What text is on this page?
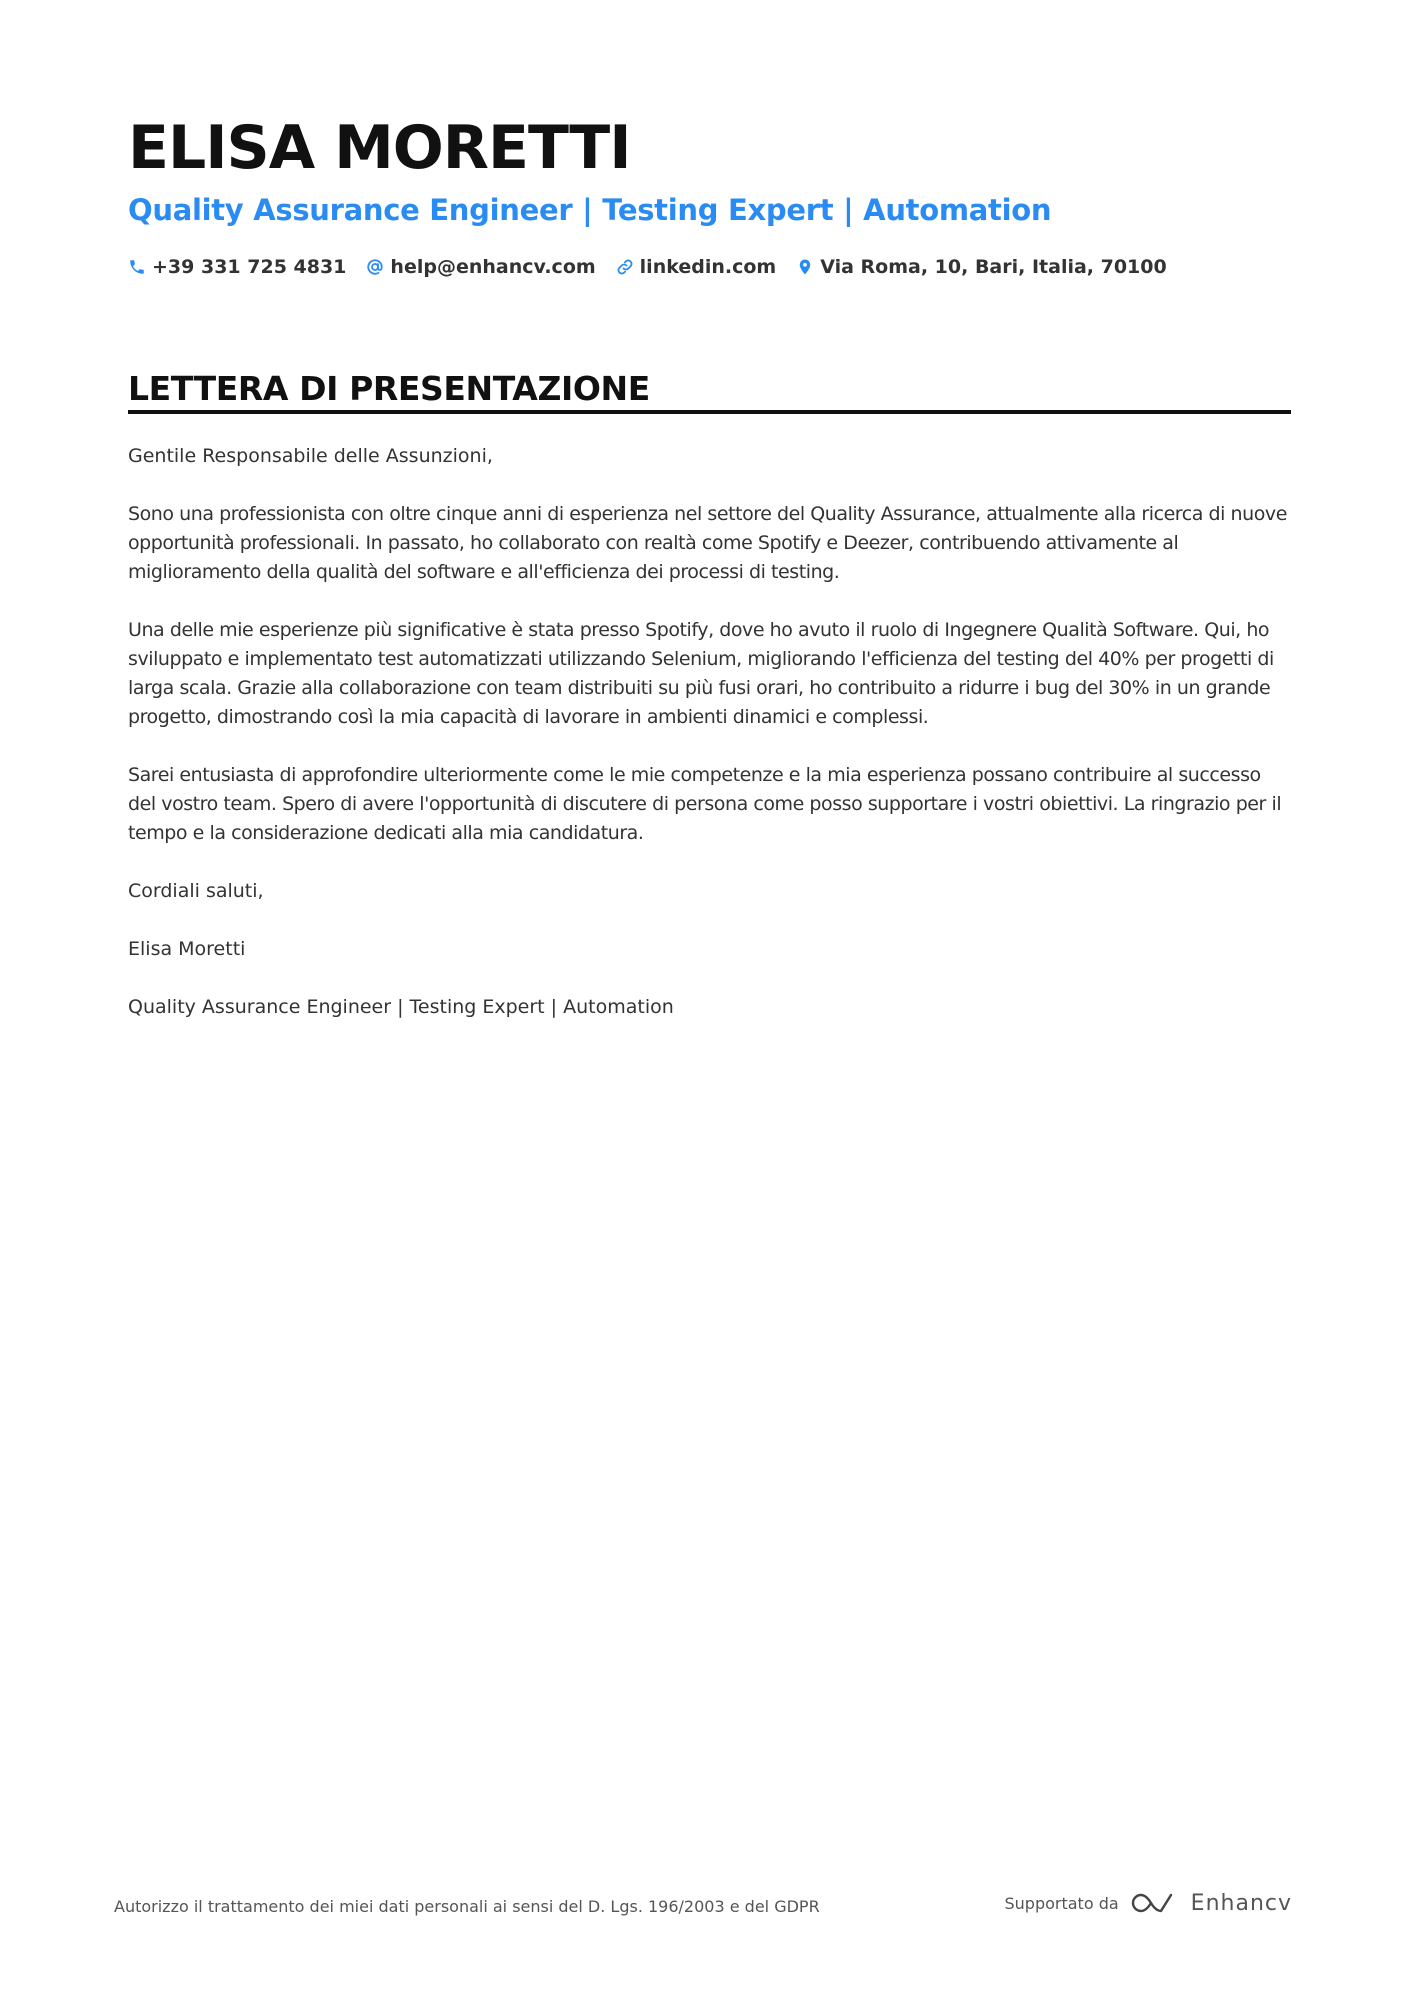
ELISA MORETTI
Quality Assurance Engineer | Testing Expert | Automation
+39 331 725 4831 help@enhancv.com linkedin.com Via Roma, 10, Bari, Italia, 70100
LETTERA DI PRESENTAZIONE

Gentile Responsabile delle Assunzioni,

Sono una professionista con oltre cinque anni di esperienza nel settore del Quality Assurance, attualmente alla ricerca di nuove opportunità professionali. In passato, ho collaborato con realtà come Spotify e Deezer, contribuendo attivamente al miglioramento della qualità del software e all'efficienza dei processi di testing.

Una delle mie esperienze più significative è stata presso Spotify, dove ho avuto il ruolo di Ingegnere Qualità Software. Qui, ho sviluppato e implementato test automatizzati utilizzando Selenium, migliorando l'efficienza del testing del 40% per progetti di larga scala. Grazie alla collaborazione con team distribuiti su più fusi orari, ho contribuito a ridurre i bug del 30% in un grande progetto, dimostrando così la mia capacità di lavorare in ambienti dinamici e complessi.

Sarei entusiasta di approfondire ulteriormente come le mie competenze e la mia esperienza possano contribuire al successo del vostro team. Spero di avere l'opportunità di discutere di persona come posso supportare i vostri obiettivi. La ringrazio per il tempo e la considerazione dedicati alla mia candidatura.

Cordiali saluti,

Elisa Moretti

Quality Assurance Engineer | Testing Expert | Automation

Autorizzo il trattamento dei miei dati personali ai sensi del D. Lgs. 196/2003 e del GDPR	Supportato da	Enhancv
